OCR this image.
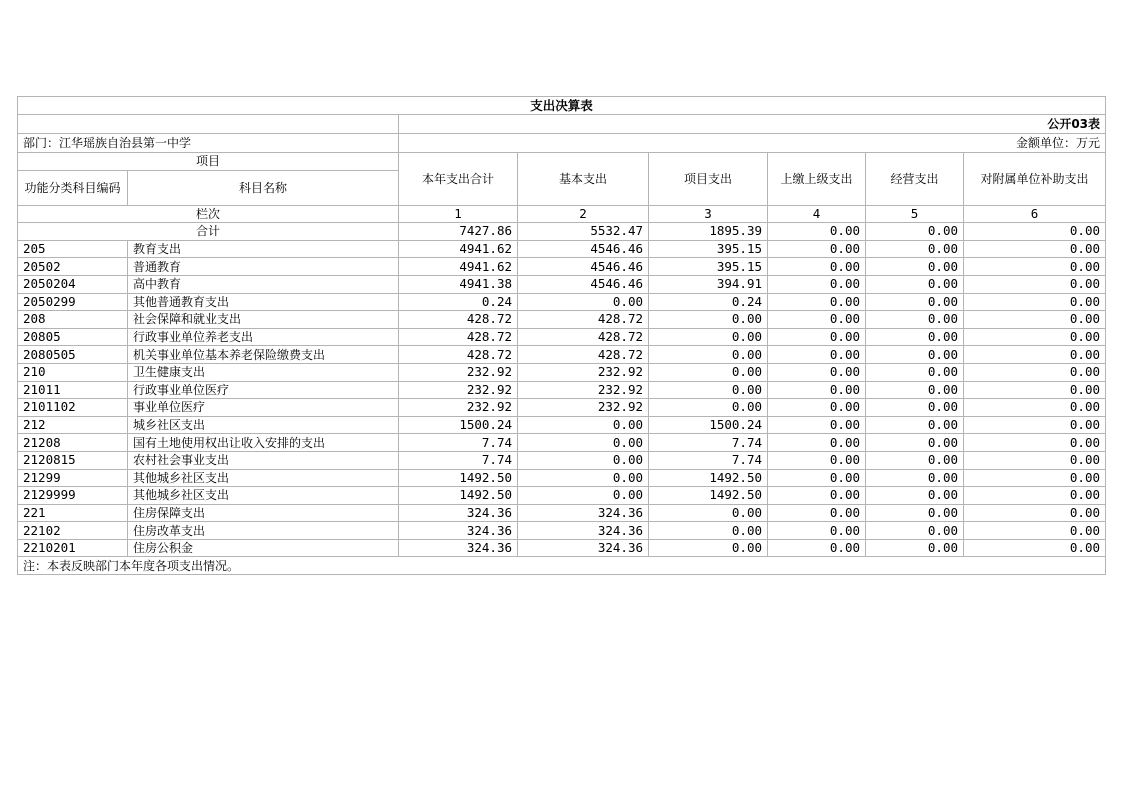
支出决算表							
		公开03表					
部门：江华瑶族自治县第一中学		金额单位：万元					
项目		本年支出合计	基本支出	项目支出	上缴上级支出	经营支出	对附属单位补助支出
功能分类科目编码	科目名称						
栏次		1	2	3	4	5	6
合计		7427.86	5532.47	1895.39	0.00	0.00	0.00
205	教育支出	4941.62	4546.46	395.15	0.00	0.00	0.00
20502	普通教育	4941.62	4546.46	395.15	0.00	0.00	0.00
2050204	高中教育	4941.38	4546.46	394.91	0.00	0.00	0.00
2050299	其他普通教育支出	0.24	0.00	0.24	0.00	0.00	0.00
208	社会保障和就业支出	428.72	428.72	0.00	0.00	0.00	0.00
20805	行政事业单位养老支出	428.72	428.72	0.00	0.00	0.00	0.00
2080505	机关事业单位基本养老保险缴费支出	428.72	428.72	0.00	0.00	0.00	0.00
210	卫生健康支出	232.92	232.92	0.00	0.00	0.00	0.00
21011	行政事业单位医疗	232.92	232.92	0.00	0.00	0.00	0.00
2101102	事业单位医疗	232.92	232.92	0.00	0.00	0.00	0.00
212	城乡社区支出	1500.24	0.00	1500.24	0.00	0.00	0.00
21208	国有土地使用权出让收入安排的支出	7.74	0.00	7.74	0.00	0.00	0.00
2120815	农村社会事业支出	7.74	0.00	7.74	0.00	0.00	0.00
21299	其他城乡社区支出	1492.50	0.00	1492.50	0.00	0.00	0.00
2129999	其他城乡社区支出	1492.50	0.00	1492.50	0.00	0.00	0.00
221	住房保障支出	324.36	324.36	0.00	0.00	0.00	0.00
22102	住房改革支出	324.36	324.36	0.00	0.00	0.00	0.00
2210201	住房公积金	324.36	324.36	0.00	0.00	0.00	0.00
注：本表反映部门本年度各项支出情况。							
